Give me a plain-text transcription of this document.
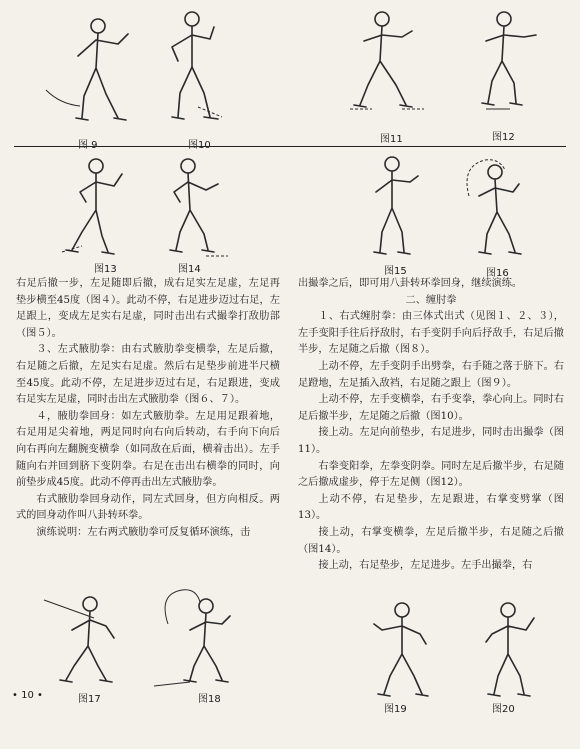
图11	图12
图13	图14	图15	图16

右足后撤一步，左足随即后撤，成右足实左足虚，左足再垫步横至45度（图４）。此动不停，右足进步迈过右足，左足跟上，变成左足实右足虚，同时击出右式撮拳打敌肋部（图５）。

３、左式腋肋拳：由右式腋肋拳变横拳，左足后撤，右足随之后撤，左足实右足虚。然后右足垫步前进半尺横至45度。此动不停，左足进步迈过右足，右足跟进，变成右足实左足虚，同时击出左式腋肋拳（图６、７）。

４，腋肋拳回身：如左式腋肋拳。左足用足跟着地，右足用足尖着地，两足同时向右向后转动，右手向下向后向右再向左翻腕变横拳（如同敌在后面，横着击出）。左手随向右并回到脐下变阴拳。右足在击出右横拳的同时，向前垫步成45度。此动不停再击出左式腋肋拳。

右式腋肋拳回身动作，同左式回身，但方向相反。两式的回身动作叫八卦转环拳。

演练说明：左右两式腋肋拳可反复循环演练，击

出撮拳之后，即可用八卦转环拳回身，继续演练。

二、缠肘拳

１、右式缠肘拳：由三体式出式（见图１、２、３），左手变阳手往后抒敌肘，右手变阴手向后抒敌手，右足后撤半步，左足随之后撤（图８）。

上动不停，左手变阴手出劈拳，右手随之落于脐下。右足蹬地，左足插入敌裆，右足随之跟上（图９）。

上动不停，左手变横拳，右手变拳，拳心向上。同时右足后撤半步，左足随之后撤（图10）。

接上动。左足向前垫步，右足进步，同时击出撮拳（图11）。

右拳变阳拳，左拳变阴拳。同时左足后撤半步，右足随之后撤成虚步，停于左足侧（图12）。

上动不停，右足垫步，左足跟进，右掌变劈掌（图13）。

接上动，右掌变横拳，左足后撤半步，右足随之后撤（图14）。

接上动，右足垫步，左足进步。左手出撮拳，右

图17	图18
图19	图20
• 10 •
